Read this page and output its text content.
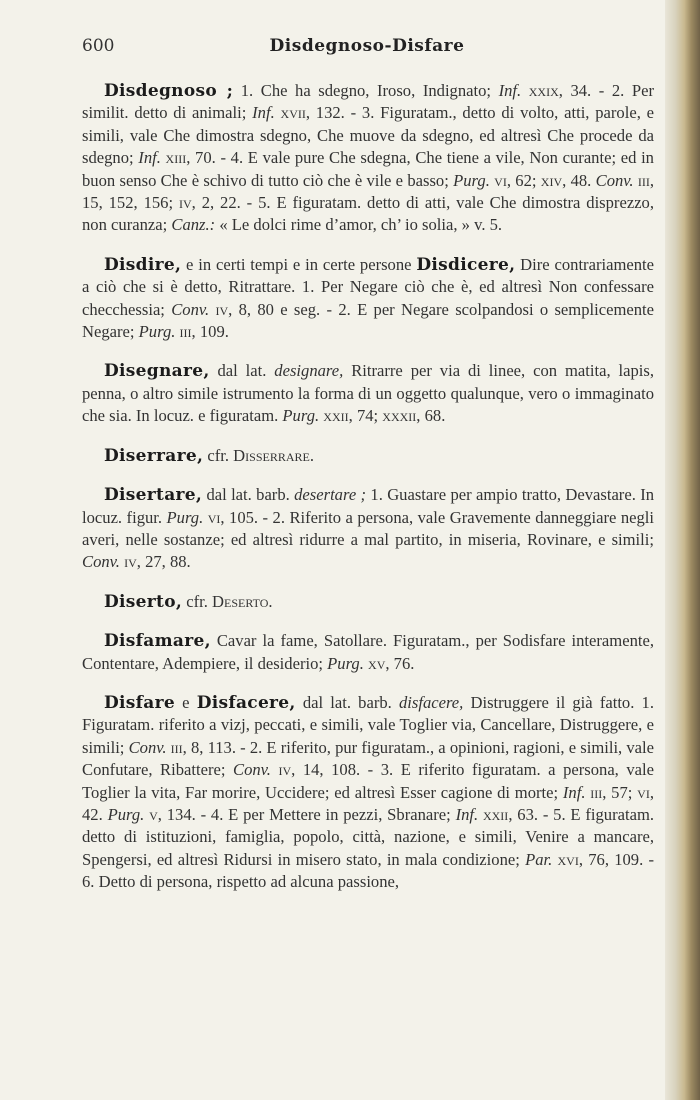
600	Disdegnoso-Disfare

Disdegnoso ; 1. Che ha sdegno, Iroso, Indignato; Inf. xxix, 34. - 2. Per similit. detto di animali; Inf. xvii, 132. - 3. Figuratam., detto di volto, atti, parole, e simili, vale Che dimostra sdegno, Che muove da sdegno, ed altresì Che procede da sdegno; Inf. xiii, 70. - 4. E vale pure Che sdegna, Che tiene a vile, Non curante; ed in buon senso Che è schivo di tutto ciò che è vile e basso; Purg. vi, 62; xiv, 48. Conv. iii, 15, 152, 156; iv, 2, 22. - 5. E figuratam. detto di atti, vale Che dimostra disprezzo, non curanza; Canz.: « Le dolci rime d’amor, ch’ io solia, » v. 5.

Disdire, e in certi tempi e in certe persone Disdicere, Dire contrariamente a ciò che si è detto, Ritrattare. 1. Per Negare ciò che è, ed altresì Non confessare checchessia; Conv. iv, 8, 80 e seg. - 2. E per Negare scolpandosi o semplicemente Negare; Purg. iii, 109.

Disegnare, dal lat. designare, Ritrarre per via di linee, con matita, lapis, penna, o altro simile istrumento la forma di un oggetto qualunque, vero o immaginato che sia. In locuz. e figuratam. Purg. xxii, 74; xxxii, 68.

Diserrare, cfr. Disserrare.

Disertare, dal lat. barb. desertare ; 1. Guastare per ampio tratto, Devastare. In locuz. figur. Purg. vi, 105. - 2. Riferito a persona, vale Gravemente danneggiare negli averi, nelle sostanze; ed altresì ridurre a mal partito, in miseria, Rovinare, e simili; Conv. iv, 27, 88.

Diserto, cfr. Deserto.

Disfamare, Cavar la fame, Satollare. Figuratam., per Sodisfare interamente, Contentare, Adempiere, il desiderio; Purg. xv, 76.

Disfare e Disfacere, dal lat. barb. disfacere, Distruggere il già fatto. 1. Figuratam. riferito a vizj, peccati, e simili, vale Toglier via, Cancellare, Distruggere, e simili; Conv. iii, 8, 113. - 2. E riferito, pur figuratam., a opinioni, ragioni, e simili, vale Confutare, Ribattere; Conv. iv, 14, 108. - 3. E riferito figuratam. a persona, vale Toglier la vita, Far morire, Uccidere; ed altresì Esser cagione di morte; Inf. iii, 57; vi, 42. Purg. v, 134. - 4. E per Mettere in pezzi, Sbranare; Inf. xxii, 63. - 5. E figuratam. detto di istituzioni, famiglia, popolo, città, nazione, e simili, Venire a mancare, Spengersi, ed altresì Ridursi in misero stato, in mala condizione; Par. xvi, 76, 109. - 6. Detto di persona, rispetto ad alcuna passione,
